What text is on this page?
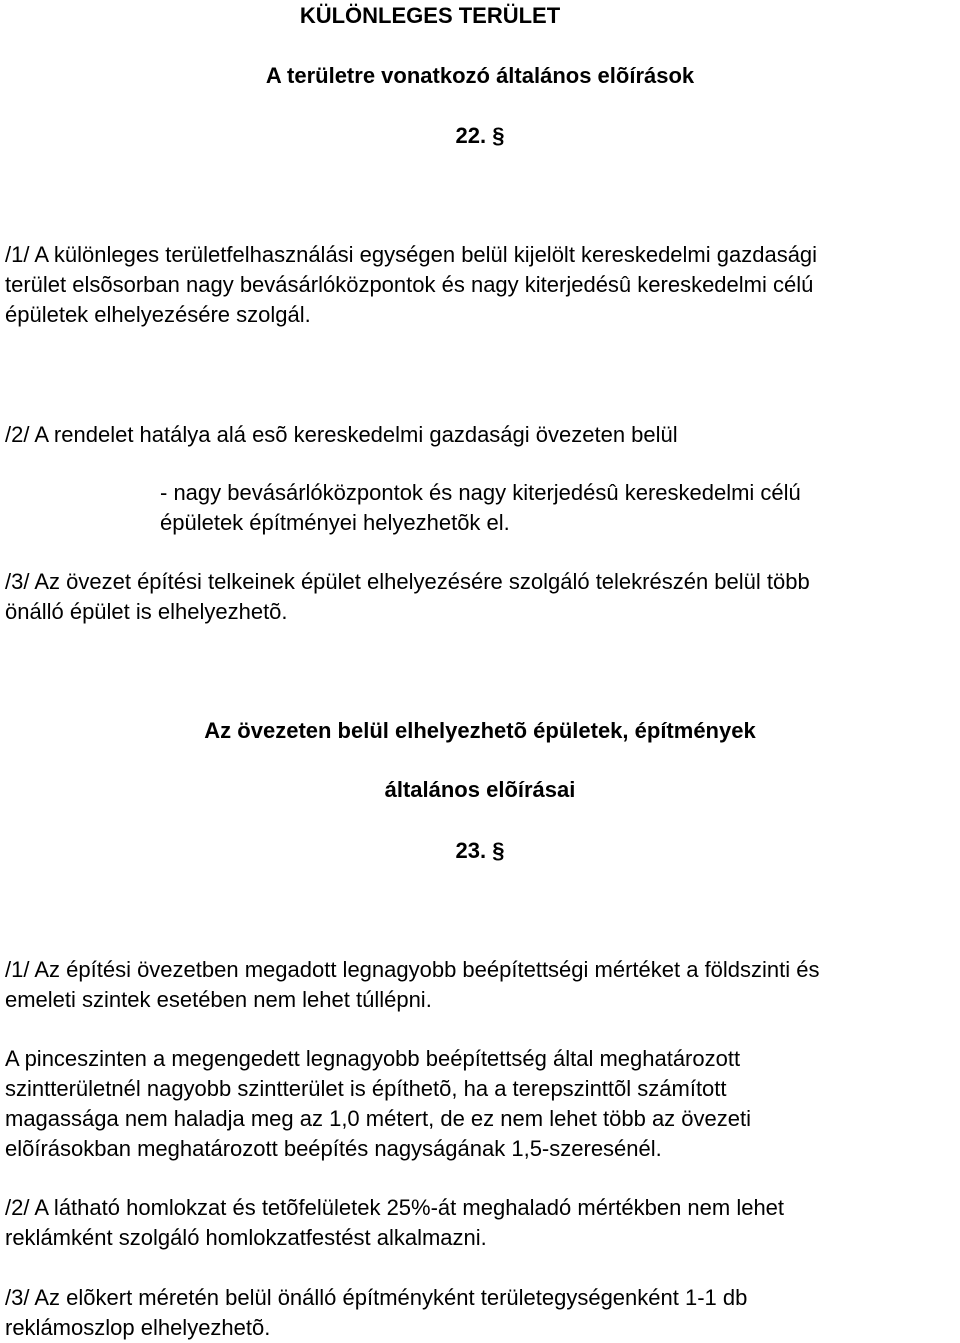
KÜLÖNLEGES TERÜLET
A területre vonatkozó általános elõírások
22. §
/1/ A különleges területfelhasználási egységen belül kijelölt kereskedelmi gazdasági
terület elsõsorban nagy bevásárlóközpontok és nagy kiterjedésû kereskedelmi célú
épületek elhelyezésére szolgál.
/2/ A rendelet hatálya alá esõ kereskedelmi gazdasági övezeten belül
- nagy bevásárlóközpontok és nagy kiterjedésû kereskedelmi célú
épületek építményei helyezhetõk el.
/3/ Az övezet építési telkeinek épület elhelyezésére szolgáló telekrészén belül több
önálló épület is elhelyezhetõ.
Az övezeten belül elhelyezhetõ épületek, építmények
általános elõírásai
23. §
/1/ Az építési övezetben megadott legnagyobb beépítettségi mértéket a földszinti és
emeleti szintek esetében nem lehet túllépni.
A pinceszinten a megengedett legnagyobb beépítettség által meghatározott
szintterületnél nagyobb szintterület is építhetõ, ha a terepszinttõl számított
magassága nem haladja meg az 1,0 métert, de ez nem lehet több az övezeti
elõírásokban meghatározott beépítés nagyságának 1,5-szeresénél.
/2/ A látható homlokzat és tetõfelületek 25%-át meghaladó mértékben nem lehet
reklámként szolgáló homlokzatfestést alkalmazni.
/3/ Az elõkert méretén belül önálló építményként területegységenként 1-1 db
reklámoszlop elhelyezhetõ.
